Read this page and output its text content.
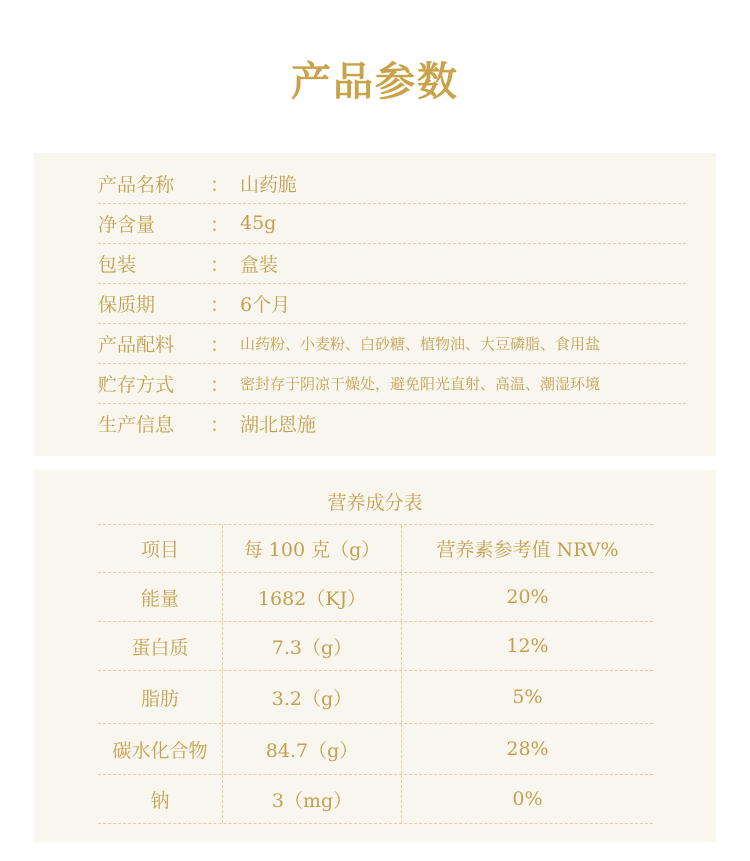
产品参数
产品名称	： 山药脆
净含量	： 45g
包装	： 盒装
保质期	： 6个月
产品配料	： 山药粉、小麦粉、白砂糖、植物油、大豆磷脂、食用盐
贮存方式	： 密封存于阴凉干燥处，避免阳光直射、高温、潮湿环境
生产信息	： 湖北恩施
营养成分表
项目	每 100 克（g）	营养素参考值 NRV%
能量	1682（KJ）	20%
蛋白质	7.3（g）	12%
脂肪	3.2（g）	5%
碳水化合物	84.7（g）	28%
钠	3（mg）	0%
